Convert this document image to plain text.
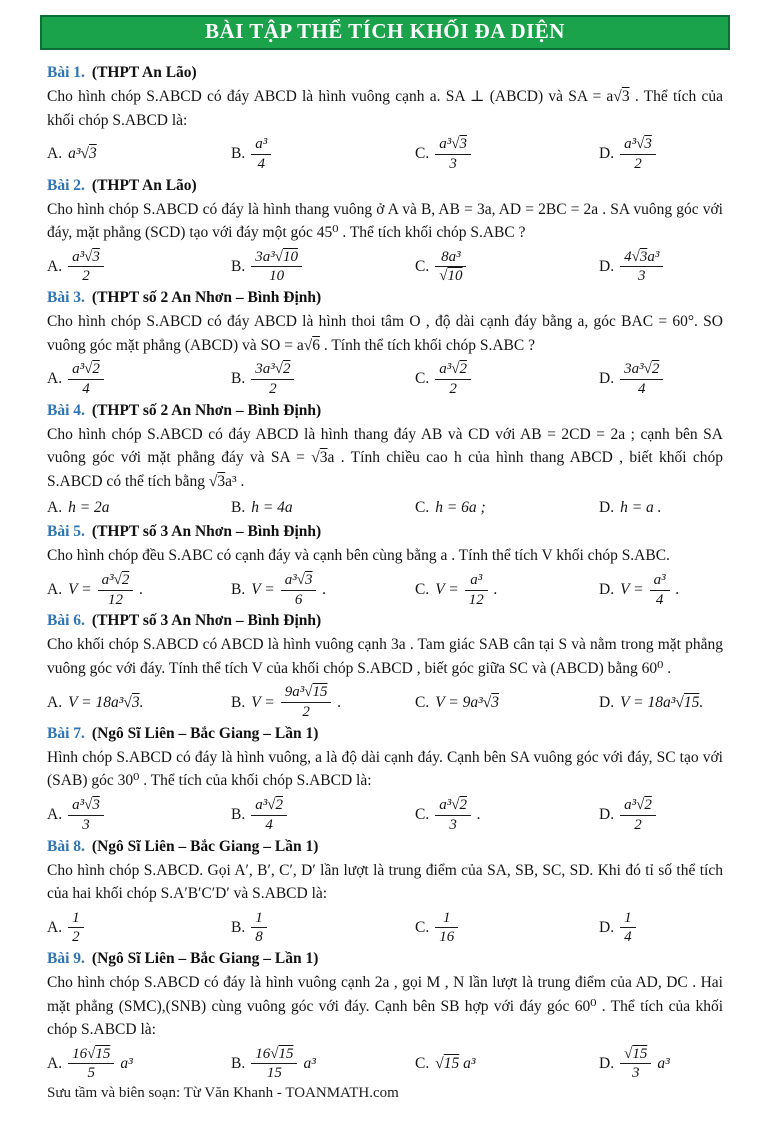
BÀI TẬP THỂ TÍCH KHỐI ĐA DIỆN
Bài 1. (THPT An Lão)

Cho hình chóp S.ABCD có đáy ABCD là hình vuông cạnh a. SA ⊥ (ABCD) và SA = a√3 . Thể tích của khối chóp S.ABCD là:

A. a³√3	B. $\frac{\text{a³}}{4}$	C. $\frac{\text{a³√3}}{3}$	D. $\frac{\text{a³√3}}{2}$
Bài 2. (THPT An Lão)

Cho hình chóp S.ABCD có đáy là hình thang vuông ở A và B, AB = 3a, AD = 2BC = 2a . SA vuông góc với đáy, mặt phẳng (SCD) tạo với đáy một góc 45⁰ . Thể tích khối chóp S.ABC ?

A. $\frac{\text{a³√3}}{2}$	B. $\frac{\text{3a³√10}}{10}$	C. $\frac{\text{8a³}}{√10}$	D. $\frac{\text{4√3a³}}{3}$
Bài 3. (THPT số 2 An Nhơn – Bình Định)

Cho hình chóp S.ABCD có đáy ABCD là hình thoi tâm O , độ dài cạnh đáy bằng a, góc BAC = 60°. SO vuông góc mặt phẳng (ABCD) và SO = a√6 . Tính thể tích khối chóp S.ABC ?

A. $\frac{\text{a³√2}}{4}$	B. $\frac{\text{3a³√2}}{2}$	C. $\frac{\text{a³√2}}{2}$	D. $\frac{\text{3a³√2}}{4}$
Bài 4. (THPT số 2 An Nhơn – Bình Định)

Cho hình chóp S.ABCD có đáy ABCD là hình thang đáy AB và CD với AB = 2CD = 2a ; cạnh bên SA vuông góc với mặt phẳng đáy và SA = √3a . Tính chiều cao h của hình thang ABCD , biết khối chóp S.ABCD có thể tích bằng √3a³ .

A. h = 2a	B. h = 4a	C. h = 6a ;	D. h = a .
Bài 5. (THPT số 3 An Nhơn – Bình Định)

Cho hình chóp đều S.ABC có cạnh đáy và cạnh bên cùng bằng a . Tính thể tích V khối chóp S.ABC.

A. $V = \frac{\text{a³√2}}{12}$ .	B. $V = \frac{\text{a³√3}}{6}$ .	C. $V = \frac{\text{a³}}{12}$ .	D. $V = \frac{\text{a³}}{4}$ .
Bài 6. (THPT số 3 An Nhơn – Bình Định)

Cho khối chóp S.ABCD có ABCD là hình vuông cạnh 3a . Tam giác SAB cân tại S và nằm trong mặt phẳng vuông góc với đáy. Tính thể tích V của khối chóp S.ABCD , biết góc giữa SC và (ABCD) bằng 60⁰ .

A. V = 18a³√3.	B. $V = \frac{\text{9a³√15}}{2}$ .	C. V = 9a³√3	D. V = 18a³√15.
Bài 7. (Ngô Sĩ Liên – Bắc Giang – Lần 1)

Hình chóp S.ABCD có đáy là hình vuông, a là độ dài cạnh đáy. Cạnh bên SA vuông góc với đáy, SC tạo với (SAB) góc 30⁰ . Thể tích của khối chóp S.ABCD là:

A. $\frac{\text{a³√3}}{3}$	B. $\frac{\text{a³√2}}{4}$	C. $\frac{\text{a³√2}}{3}$ .	D. $\frac{\text{a³√2}}{2}$
Bài 8. (Ngô Sĩ Liên – Bắc Giang – Lần 1)

Cho hình chóp S.ABCD. Gọi A′, B′, C′, D′ lần lượt là trung điểm của SA, SB, SC, SD. Khi đó tỉ số thể tích của hai khối chóp S.A′B′C′D′ và S.ABCD là:

A. $\frac{1}{2}$	B. $\frac{1}{8}$	C. $\frac{1}{16}$	D. $\frac{1}{4}$
Bài 9. (Ngô Sĩ Liên – Bắc Giang – Lần 1)

Cho hình chóp S.ABCD có đáy là hình vuông cạnh 2a , gọi M , N lần lượt là trung điểm của AD, DC . Hai mặt phẳng (SMC),(SNB) cùng vuông góc với đáy. Cạnh bên SB hợp với đáy góc 60⁰ . Thể tích của khối chóp S.ABCD là:

A. $\frac{16√15}{5} a^3$	B. $\frac{16√15}{15} a^3$	C. √15 a³	D. $\frac{√15}{3} a^3$
Sưu tầm và biên soạn: Từ Văn Khanh - TOANMATH.com
